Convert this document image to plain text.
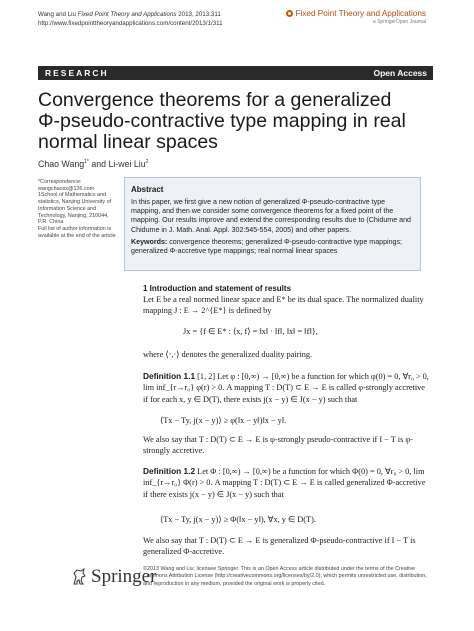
Wang and Liu Fixed Point Theory and Applications 2013, 2013:311
http://www.fixedpointtheoryandapplications.com/content/2013/1/311
Fixed Point Theory and Applications
a SpringerOpen Journal
RESEARCH	Open Access
Convergence theorems for a generalized Φ-pseudo-contractive type mapping in real normal linear spaces
Chao Wang$^{1*}$ and Li-wei Liu$^2$
*Correspondence:
wangchaosx@126.com
1School of Mathematics and statistics, Nanjing University of Information Science and Technology, Nanjing, 210044, P.R. China
Full list of author information is available at the end of the article
Abstract
In this paper, we first give a new notion of generalized Φ-pseudo-contractive type mapping, and then we consider some convergence theorems for a fixed point of the mapping. Our results improve and extend the corresponding results due to (Chidume and Chidume in J. Math. Anal. Appl. 302:545-554, 2005) and other papers.
Keywords: convergence theorems; generalized Φ-pseudo-contractive type mappings; generalized Φ-accretive type mappings; real normal linear spaces
1 Introduction and statement of results
Let E be a real normed linear space and E* be its dual space. The normalized duality mapping J : E → 2^{E*} is defined by
Jx = {f ∈ E* : ⟨x, f⟩ = ‖x‖ · ‖f‖, ‖x‖ = ‖f‖},
where ⟨·,·⟩ denotes the generalized duality pairing.
Definition 1.1 [1, 2] Let φ : [0,∞) → [0,∞) be a function for which φ(0) = 0, ∀r₀ > 0, lim inf_{r→r₀} φ(r) > 0. A mapping T : D(T) ⊂ E → E is called φ-strongly accretive if for each x, y ∈ D(T), there exists j(x − y) ∈ J(x − y) such that
⟨Tx − Ty, j(x − y)⟩ ≥ φ(‖x − y‖)‖x − y‖.
We also say that T : D(T) ⊂ E → E is φ-strongly pseudo-contractive if I − T is φ-strongly accretive.
Definition 1.2 Let Φ : [0,∞) → [0,∞) be a function for which Φ(0) = 0, ∀r₀ > 0, lim inf_{r→r₀} Φ(r) > 0. A mapping T : D(T) ⊂ E → E is called generalized Φ-accretive if there exists j(x − y) ∈ J(x − y) such that
⟨Tx − Ty, j(x − y)⟩ ≥ Φ(‖x − y‖), ∀x, y ∈ D(T).
We also say that T : D(T) ⊂ E → E is generalized Φ-pseudo-contractive if I − T is generalized Φ-accretive.
Springer
©2013 Wang and Liu; licensee Springer. This is an Open Access article distributed under the terms of the Creative Commons Attribution License (http://creativecommons.org/licenses/by/2.0), which permits unrestricted use, distribution, and reproduction in any medium, provided the original work is properly cited.
